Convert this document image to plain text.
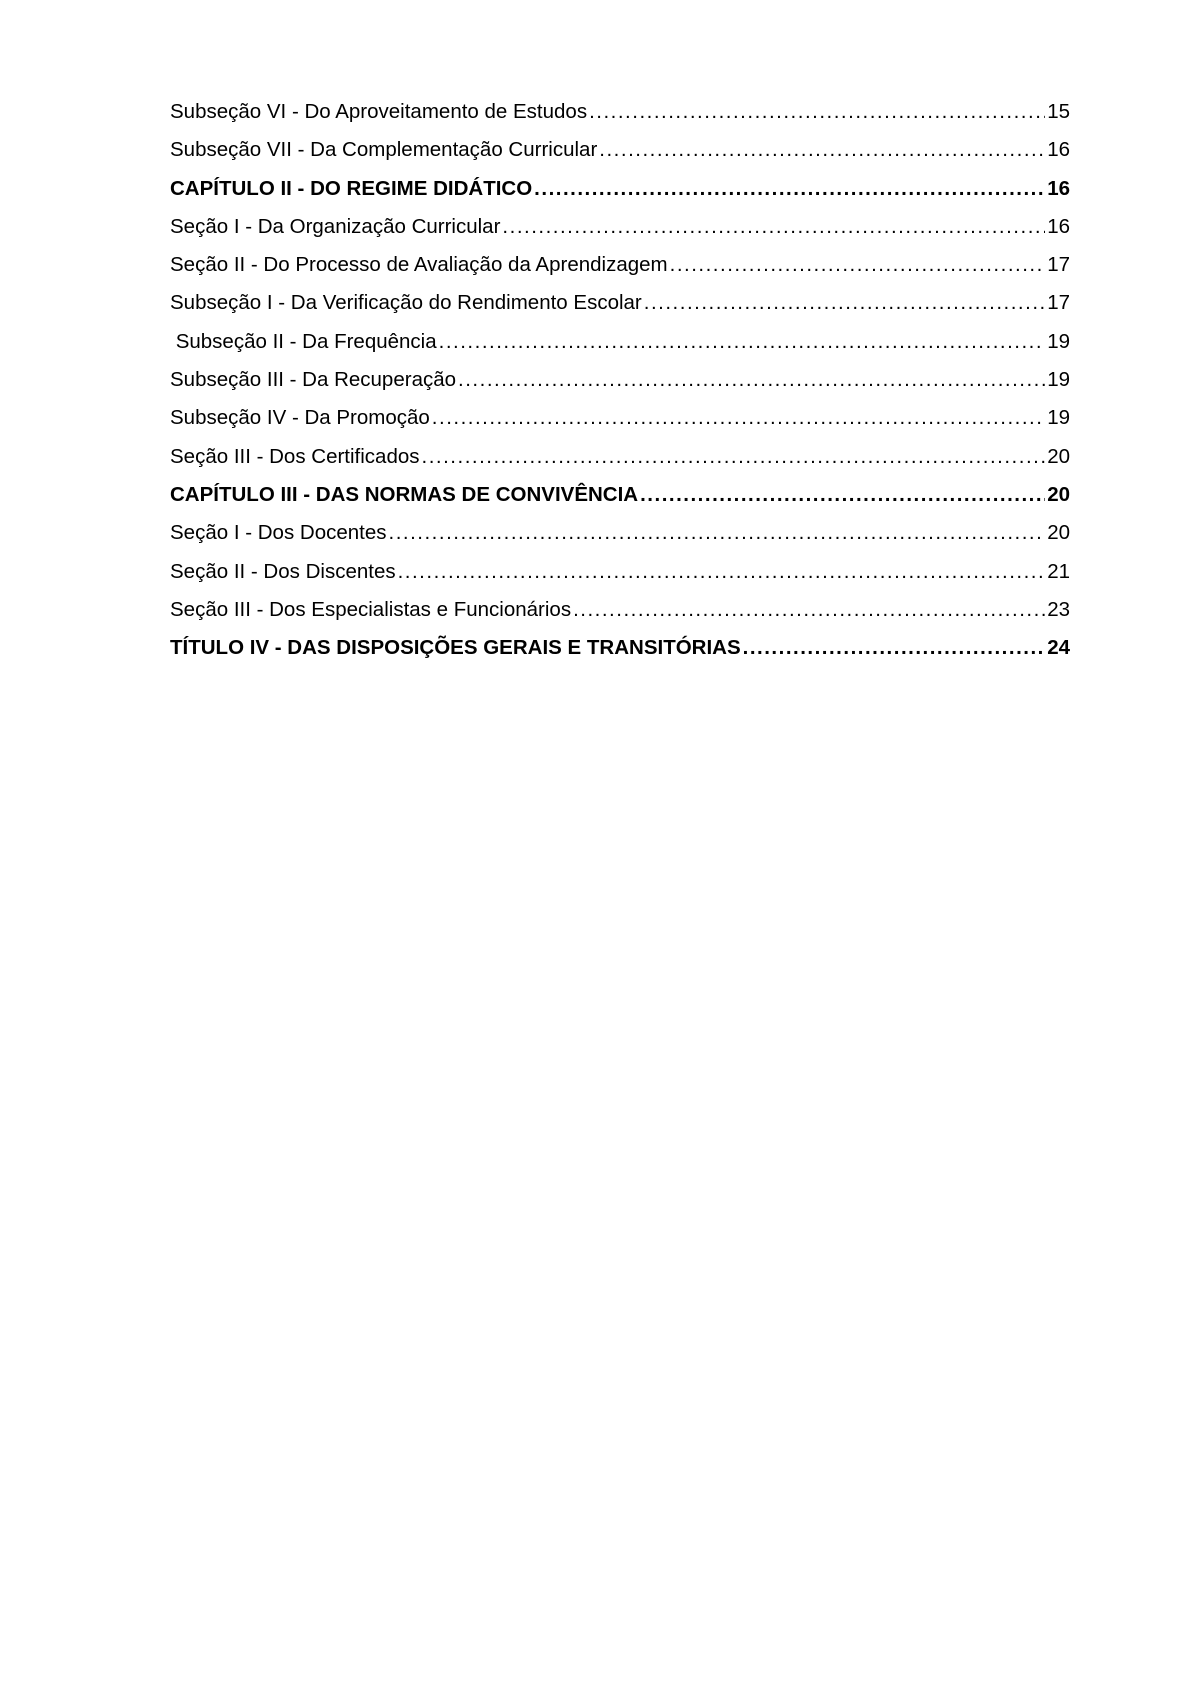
Subseção VI - Do Aproveitamento de Estudos .....	15
Subseção VII - Da Complementação Curricular .....	16
CAPÍTULO II - DO REGIME DIDÁTICO .....	16
Seção I - Da Organização Curricular .....	16
Seção II - Do Processo de Avaliação da Aprendizagem .....	17
Subseção I - Da Verificação do Rendimento Escolar .....	17
Subseção II - Da Frequência .....	19
Subseção III - Da Recuperação .....	19
Subseção IV - Da Promoção .....	19
Seção III - Dos Certificados .....	20
CAPÍTULO III - DAS NORMAS DE CONVIVÊNCIA .....	20
Seção I - Dos Docentes .....	20
Seção II - Dos Discentes .....	21
Seção III - Dos Especialistas e Funcionários .....	23
TÍTULO IV - DAS DISPOSIÇÕES GERAIS E TRANSITÓRIAS .....	24
